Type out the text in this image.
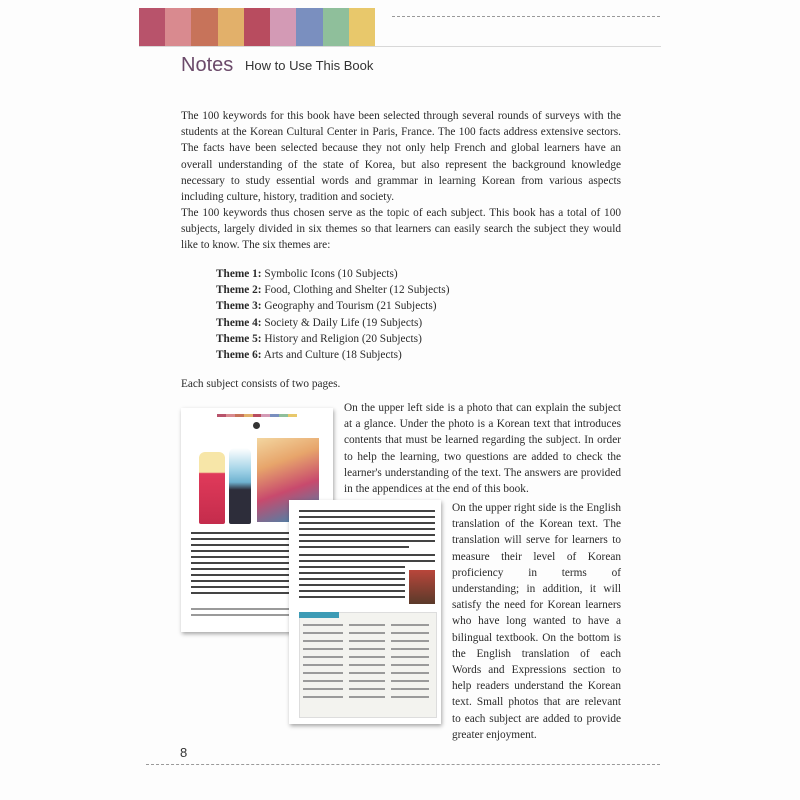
Notes How to Use This Book

The 100 keywords for this book have been selected through several rounds of surveys with the students at the Korean Cultural Center in Paris, France. The 100 facts address extensive sectors. The facts have been selected because they not only help French and global learners have an overall understanding of the state of Korea, but also represent the background knowledge necessary to study essential words and grammar in learning Korean from various aspects including culture, history, tradition and society.

The 100 keywords thus chosen serve as the topic of each subject. This book has a total of 100 subjects, largely divided in six themes so that learners can easily search the subject they would like to know. The six themes are:

Theme 1: Symbolic Icons (10 Subjects)
Theme 2: Food, Clothing and Shelter (12 Subjects)
Theme 3: Geography and Tourism (21 Subjects)
Theme 4: Society & Daily Life (19 Subjects)
Theme 5: History and Religion (20 Subjects)
Theme 6: Arts and Culture (18 Subjects)
Each subject consists of two pages.

On the upper left side is a photo that can explain the subject at a glance. Under the photo is a Korean text that introduces contents that must be learned regarding the subject. In order to help the learning, two questions are added to check the learner's understanding of the text. The answers are provided in the appendices at the end of this book.

On the upper right side is the English translation of the Korean text. The translation will serve for learners to measure their level of Korean proficiency in terms of understanding; in addition, it will satisfy the need for Korean learners who have long wanted to have a bilingual textbook. On the bottom is the English translation of each Words and Expressions section to help readers understand the Korean text. Small photos that are relevant to each subject are added to provide greater enjoyment.

8
